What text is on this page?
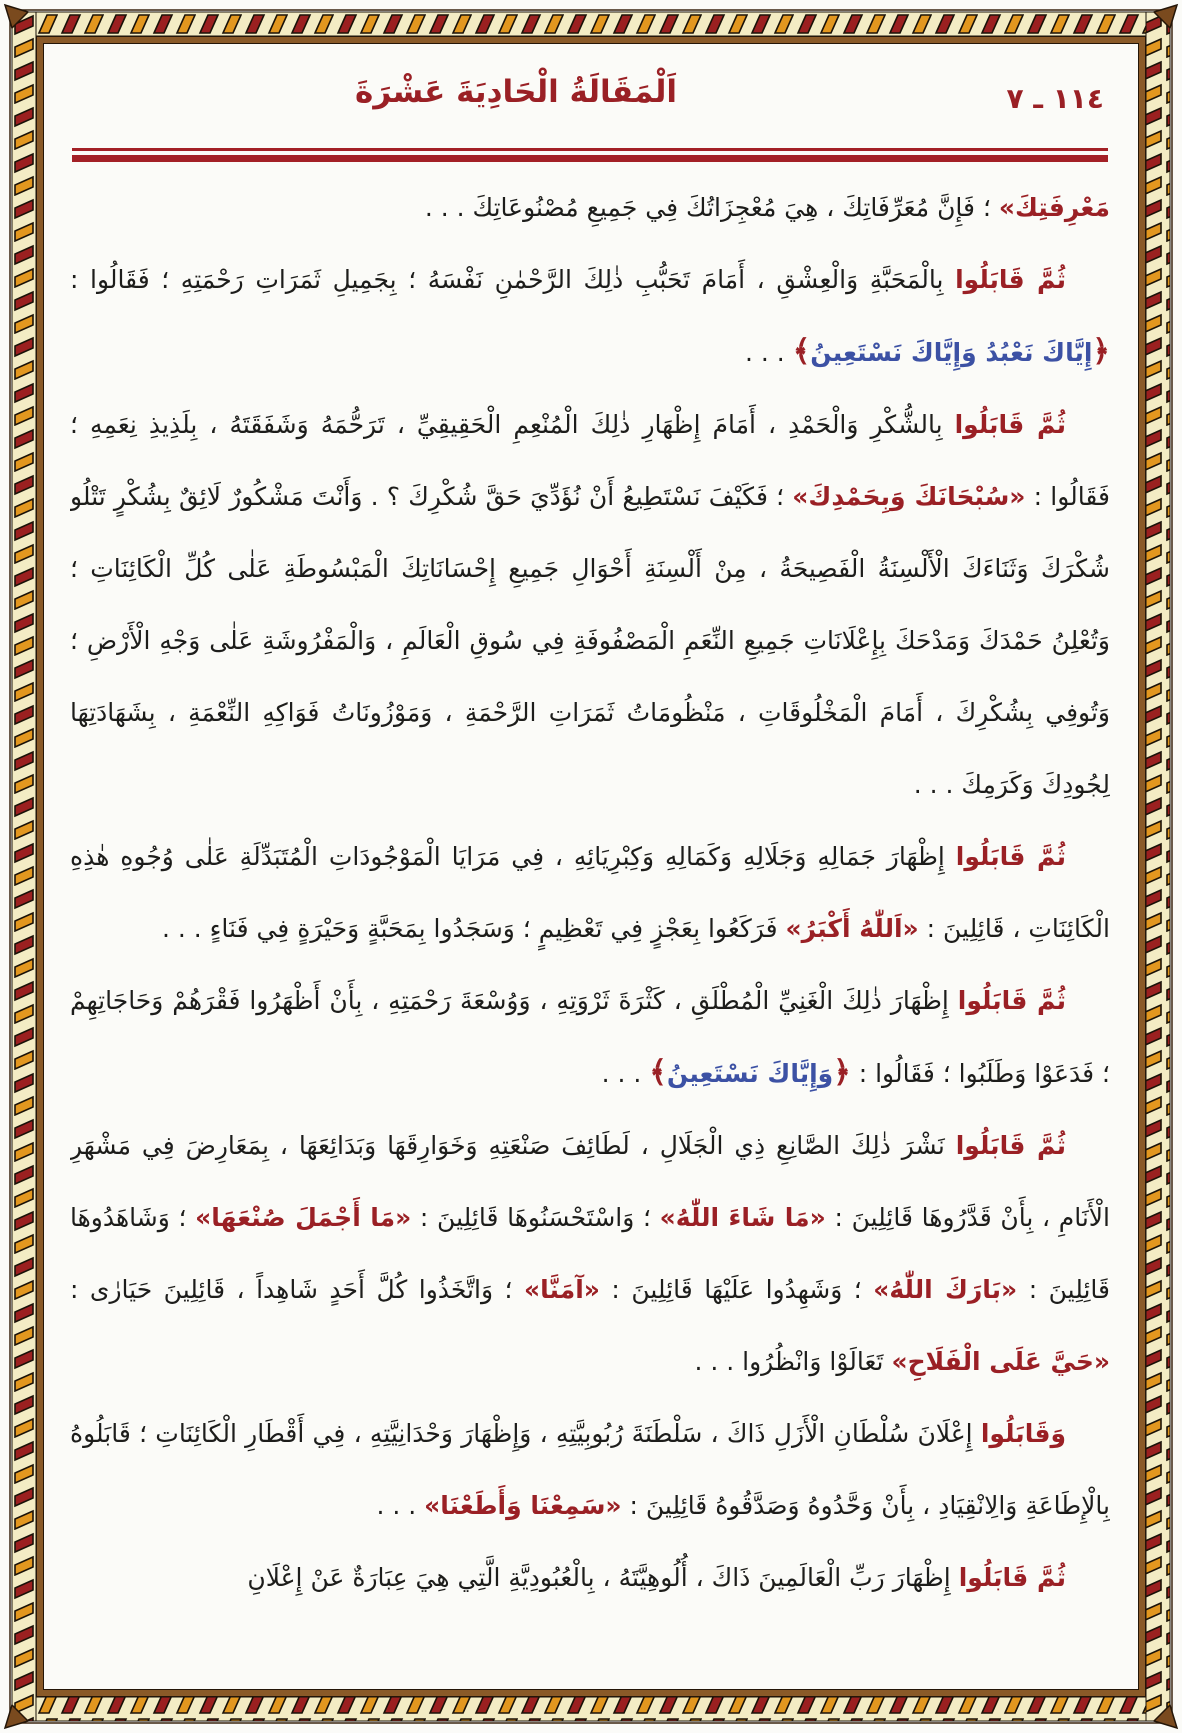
١١٤ ـ ٧
اَلْمَقَالَةُ الْحَادِيَةَ عَشْرَةَ

مَعْرِفَتِكَ» ؛ فَإِنَّ مُعَرِّفَاتِكَ ، هِيَ مُعْجِزَاتُكَ فِي جَمِيعِ مُصْنُوعَاتِكَ . . .

ثُمَّ قَابَلُوا بِالْمَحَبَّةِ وَالْعِشْقِ ، أَمَامَ تَحَبُّبِ ذٰلِكَ الرَّحْمٰنِ نَفْسَهُ ؛ بِجَمِيلِ ثَمَرَاتِ رَحْمَتِهِ ؛ فَقَالُوا : ﴿إِيَّاكَ نَعْبُدُ وَإِيَّاكَ نَسْتَعِينُ﴾ . . .

ثُمَّ قَابَلُوا بِالشُّكْرِ وَالْحَمْدِ ، أَمَامَ إِظْهَارِ ذٰلِكَ الْمُنْعِمِ الْحَقِيقِيِّ ، تَرَحُّمَهُ وَشَفَقَتَهُ ، بِلَذِيذِ نِعَمِهِ ؛ فَقَالُوا : «سُبْحَانَكَ وَبِحَمْدِكَ» ؛ فَكَيْفَ نَسْتَطِيعُ أَنْ نُؤَدِّيَ حَقَّ شُكْرِكَ ؟ . وَأَنْتَ مَشْكُورٌ لَائِقٌ بِشُكْرٍ تَتْلُو شُكْرَكَ وَثَنَاءَكَ الْأَلْسِنَةُ الْفَصِيحَةُ ، مِنْ أَلْسِنَةِ أَحْوَالِ جَمِيعِ إِحْسَانَاتِكَ الْمَبْسُوطَةِ عَلٰى كُلِّ الْكَائِنَاتِ ؛ وَتُعْلِنُ حَمْدَكَ وَمَدْحَكَ بِإِعْلَانَاتِ جَمِيعِ النِّعَمِ الْمَصْفُوفَةِ فِي سُوقِ الْعَالَمِ ، وَالْمَفْرُوشَةِ عَلٰى وَجْهِ الْأَرْضِ ؛ وَتُوفِي بِشُكْرِكَ ، أَمَامَ الْمَخْلُوقَاتِ ، مَنْظُومَاتُ ثَمَرَاتِ الرَّحْمَةِ ، وَمَوْزُونَاتُ فَوَاكِهِ النِّعْمَةِ ، بِشَهَادَتِهَا لِجُودِكَ وَكَرَمِكَ . . .

ثُمَّ قَابَلُوا إِظْهَارَ جَمَالِهِ وَجَلَالِهِ وَكَمَالِهِ وَكِبْرِيَائِهِ ، فِي مَرَايَا الْمَوْجُودَاتِ الْمُتَبَدِّلَةِ عَلٰى وُجُوهِ هٰذِهِ الْكَائِنَاتِ ، قَائِلِينَ : «اَللّٰهُ أَكْبَرُ» فَرَكَعُوا بِعَجْزٍ فِي تَعْظِيمٍ ؛ وَسَجَدُوا بِمَحَبَّةٍ وَحَيْرَةٍ فِي فَنَاءٍ . . .

ثُمَّ قَابَلُوا إِظْهَارَ ذٰلِكَ الْغَنِيِّ الْمُطْلَقِ ، كَثْرَةَ ثَرْوَتِهِ ، وَوُسْعَةَ رَحْمَتِهِ ، بِأَنْ أَظْهَرُوا فَقْرَهُمْ وَحَاجَاتِهِمْ ؛ فَدَعَوْا وَطَلَبُوا ؛ فَقَالُوا : ﴿وَإِيَّاكَ نَسْتَعِينُ﴾ . . .

ثُمَّ قَابَلُوا نَشْرَ ذٰلِكَ الصَّانِعِ ذِي الْجَلَالِ ، لَطَائِفَ صَنْعَتِهِ وَخَوَارِقَهَا وَبَدَائِعَهَا ، بِمَعَارِضَ فِي مَشْهَرِ الْأَنَامِ ، بِأَنْ قَدَّرُوهَا قَائِلِينَ : «مَا شَاءَ اللّٰهُ» ؛ وَاسْتَحْسَنُوهَا قَائِلِينَ : «مَا أَجْمَلَ صُنْعَهَا» ؛ وَشَاهَدُوهَا قَائِلِينَ : «بَارَكَ اللّٰهُ» ؛ وَشَهِدُوا عَلَيْهَا قَائِلِينَ : «آمَنَّا» ؛ وَاتَّخَذُوا كُلَّ أَحَدٍ شَاهِداً ، قَائِلِينَ حَيَارٰى : «حَيَّ عَلَى الْفَلَاحِ» تَعَالَوْا وَانْظُرُوا . . .

وَقَابَلُوا إِعْلَانَ سُلْطَانِ الْأَزَلِ ذَاكَ ، سَلْطَنَةَ رُبُوبِيَّتِهِ ، وَإِظْهَارَ وَحْدَانِيَّتِهِ ، فِي أَقْطَارِ الْكَائِنَاتِ ؛ قَابَلُوهُ بِالْإِطَاعَةِ وَالِانْقِيَادِ ، بِأَنْ وَحَّدُوهُ وَصَدَّقُوهُ قَائِلِينَ : «سَمِعْنَا وَأَطَعْنَا» . . .

ثُمَّ قَابَلُوا إِظْهَارَ رَبِّ الْعَالَمِينَ ذَاكَ ، أُلُوهِيَّتَهُ ، بِالْعُبُودِيَّةِ الَّتِي هِيَ عِبَارَةٌ عَنْ إِعْلَانِ
